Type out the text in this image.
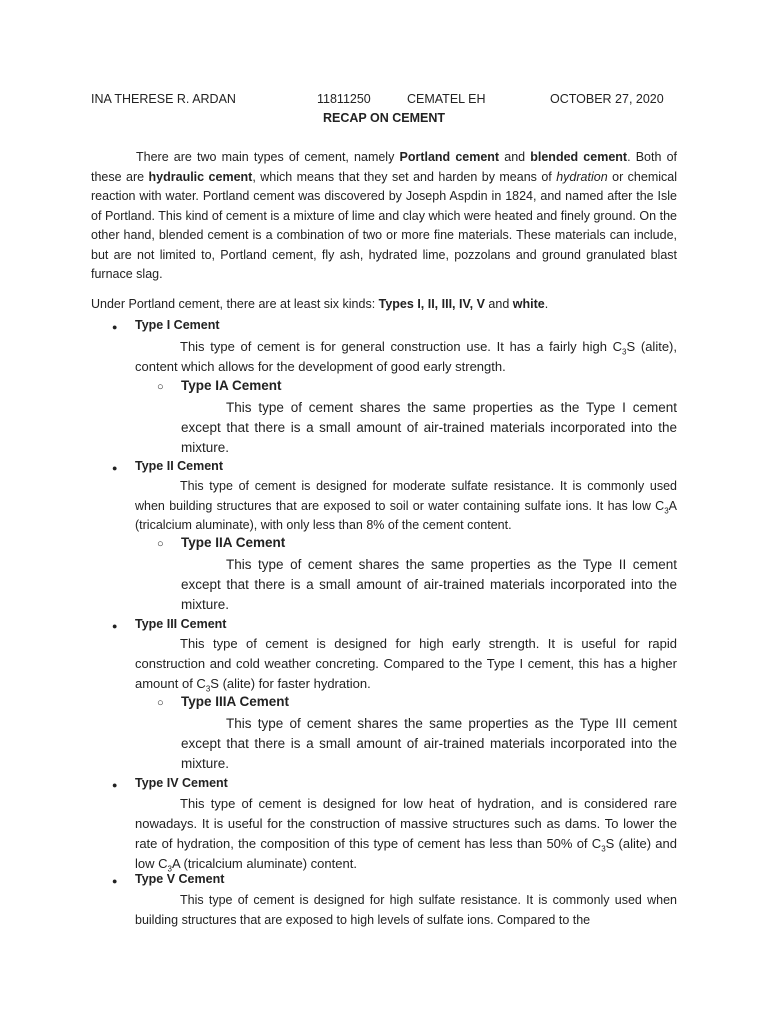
INA THERESE R. ARDAN	11811250	CEMATEL EH	OCTOBER 27, 2020
RECAP ON CEMENT
There are two main types of cement, namely Portland cement and blended cement. Both of these are hydraulic cement, which means that they set and harden by means of hydration or chemical reaction with water. Portland cement was discovered by Joseph Aspdin in 1824, and named after the Isle of Portland. This kind of cement is a mixture of lime and clay which were heated and finely ground. On the other hand, blended cement is a combination of two or more fine materials. These materials can include, but are not limited to, Portland cement, fly ash, hydrated lime, pozzolans and ground granulated blast furnace slag.
Under Portland cement, there are at least six kinds: Types I, II, III, IV, V and white.
● Type I Cement
This type of cement is for general construction use. It has a fairly high $C_3S$ (alite), content which allows for the development of good early strength.
○ Type IA Cement
This type of cement shares the same properties as the Type I cement except that there is a small amount of air-trained materials incorporated into the mixture.
● Type II Cement
This type of cement is designed for moderate sulfate resistance. It is commonly used when building structures that are exposed to soil or water containing sulfate ions. It has low $C_3A$ (tricalcium aluminate), with only less than 8% of the cement content.
○ Type IIA Cement
This type of cement shares the same properties as the Type II cement except that there is a small amount of air-trained materials incorporated into the mixture.
● Type III Cement
This type of cement is designed for high early strength. It is useful for rapid construction and cold weather concreting. Compared to the Type I cement, this has a higher amount of $C_3S$ (alite) for faster hydration.
○ Type IIIA Cement
This type of cement shares the same properties as the Type III cement except that there is a small amount of air-trained materials incorporated into the mixture.
● Type IV Cement
This type of cement is designed for low heat of hydration, and is considered rare nowadays. It is useful for the construction of massive structures such as dams. To lower the rate of hydration, the composition of this type of cement has less than 50% of $C_3S$ (alite) and low $C_3A$ (tricalcium aluminate) content.
● Type V Cement
This type of cement is designed for high sulfate resistance. It is commonly used when building structures that are exposed to high levels of sulfate ions. Compared to the
